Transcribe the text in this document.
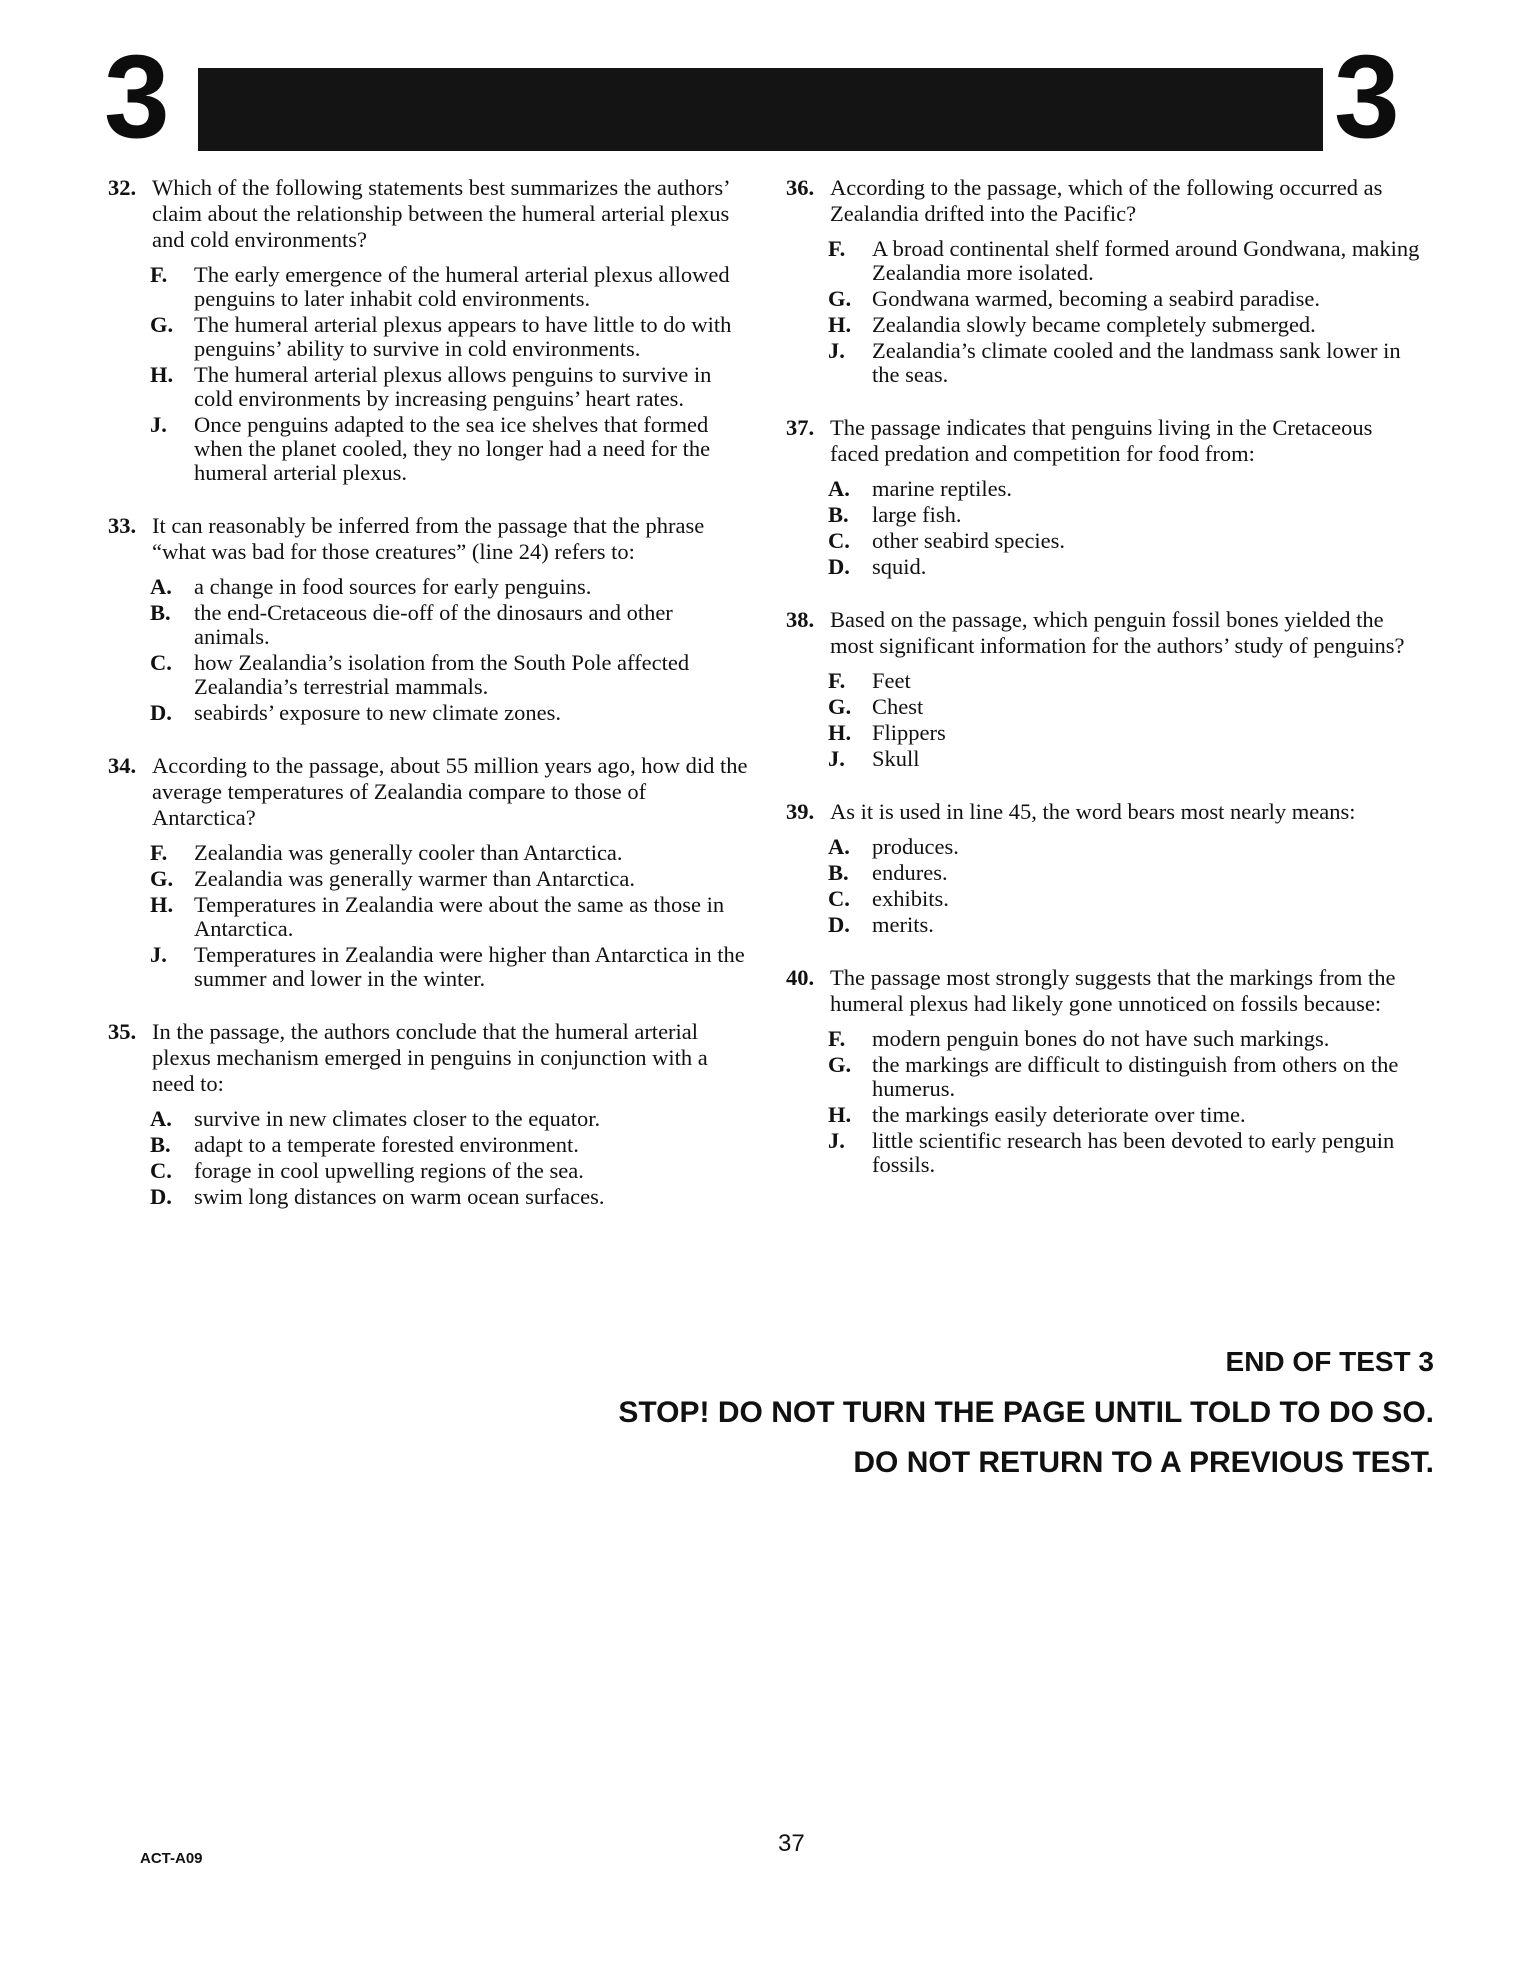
3	3
32. Which of the following statements best summarizes the authors’ claim about the relationship between the humeral arterial plexus and cold environments?
F. The early emergence of the humeral arterial plexus allowed penguins to later inhabit cold environments.
G. The humeral arterial plexus appears to have little to do with penguins’ ability to survive in cold environments.
H. The humeral arterial plexus allows penguins to survive in cold environments by increasing penguins’ heart rates.
J. Once penguins adapted to the sea ice shelves that formed when the planet cooled, they no longer had a need for the humeral arterial plexus.
33. It can reasonably be inferred from the passage that the phrase “what was bad for those creatures” (line 24) refers to:
A. a change in food sources for early penguins.
B. the end-Cretaceous die-off of the dinosaurs and other animals.
C. how Zealandia’s isolation from the South Pole affected Zealandia’s terrestrial mammals.
D. seabirds’ exposure to new climate zones.
34. According to the passage, about 55 million years ago, how did the average temperatures of Zealandia compare to those of Antarctica?
F. Zealandia was generally cooler than Antarctica.
G. Zealandia was generally warmer than Antarctica.
H. Temperatures in Zealandia were about the same as those in Antarctica.
J. Temperatures in Zealandia were higher than Antarctica in the summer and lower in the winter.
35. In the passage, the authors conclude that the humeral arterial plexus mechanism emerged in penguins in conjunction with a need to:
A. survive in new climates closer to the equator.
B. adapt to a temperate forested environment.
C. forage in cool upwelling regions of the sea.
D. swim long distances on warm ocean surfaces.
36. According to the passage, which of the following occurred as Zealandia drifted into the Pacific?
F. A broad continental shelf formed around Gondwana, making Zealandia more isolated.
G. Gondwana warmed, becoming a seabird paradise.
H. Zealandia slowly became completely submerged.
J. Zealandia’s climate cooled and the landmass sank lower in the seas.
37. The passage indicates that penguins living in the Cretaceous faced predation and competition for food from:
A. marine reptiles.
B. large fish.
C. other seabird species.
D. squid.
38. Based on the passage, which penguin fossil bones yielded the most significant information for the authors’ study of penguins?
F. Feet
G. Chest
H. Flippers
J. Skull
39. As it is used in line 45, the word bears most nearly means:
A. produces.
B. endures.
C. exhibits.
D. merits.
40. The passage most strongly suggests that the markings from the humeral plexus had likely gone unnoticed on fossils because:
F. modern penguin bones do not have such markings.
G. the markings are difficult to distinguish from others on the humerus.
H. the markings easily deteriorate over time.
J. little scientific research has been devoted to early penguin fossils.
END OF TEST 3
STOP! DO NOT TURN THE PAGE UNTIL TOLD TO DO SO.
DO NOT RETURN TO A PREVIOUS TEST.
ACT-A09
37
